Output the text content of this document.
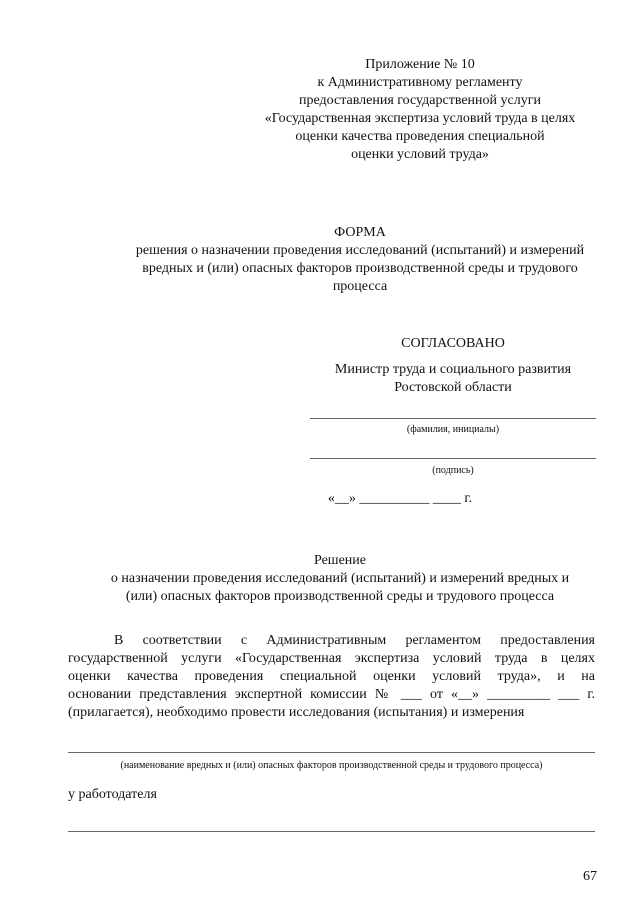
Приложение № 10
к Административному регламенту
предоставления государственной услуги
«Государственная экспертиза условий труда в целях
оценки качества проведения специальной
оценки условий труда»
ФОРМА
решения о назначении проведения исследований (испытаний) и измерений
вредных и (или) опасных факторов производственной среды и трудового
процесса
СОГЛАСОВАНО
Министр труда и социального развития
Ростовской области
(фамилия, инициалы)
(подпись)
«__» __________ ____ г.
Решение
о назначении проведения исследований (испытаний) и измерений вредных и
(или) опасных факторов производственной среды и трудового процесса
В соответствии с Административным регламентом предоставления
государственной услуги «Государственная экспертиза условий труда в целях
оценки качества проведения специальной оценки условий труда», и на
основании представления экспертной комиссии № ___ от «__» _________ ___ г.
(прилагается), необходимо провести исследования (испытания) и измерения
(наименование вредных и (или) опасных факторов производственной среды и трудового процесса)
у работодателя
67
